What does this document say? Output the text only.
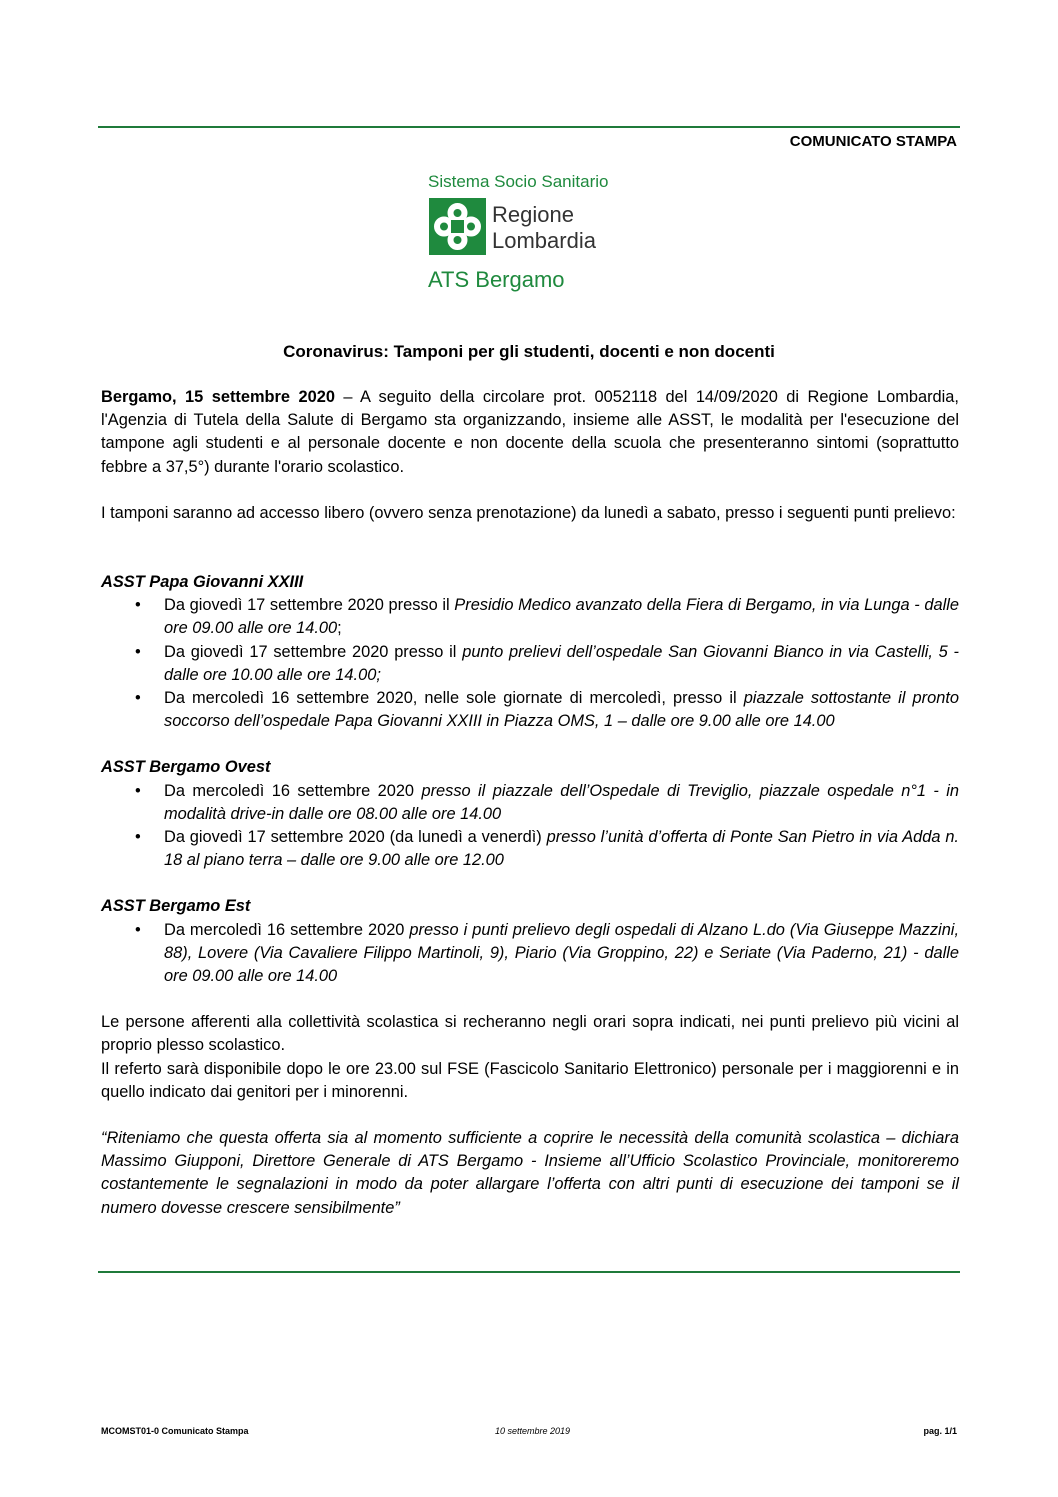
COMUNICATO STAMPA
Sistema Socio Sanitario
Regione
Lombardia
ATS Bergamo
Coronavirus: Tamponi per gli studenti, docenti e non docenti

Bergamo, 15 settembre 2020 – A seguito della circolare prot. 0052118 del 14/09/2020 di Regione Lombardia, l'Agenzia di Tutela della Salute di Bergamo sta organizzando, insieme alle ASST, le modalità per l'esecuzione del tampone agli studenti e al personale docente e non docente della scuola che presenteranno sintomi (soprattutto febbre a 37,5°) durante l'orario scolastico.

I tamponi saranno ad accesso libero (ovvero senza prenotazione) da lunedì a sabato, presso i seguenti punti prelievo:

ASST Papa Giovanni XXIII
• Da giovedì 17 settembre 2020 presso il Presidio Medico avanzato della Fiera di Bergamo, in via Lunga - dalle ore 09.00 alle ore 14.00;
• Da giovedì 17 settembre 2020 presso il punto prelievi dell’ospedale San Giovanni Bianco in via Castelli, 5 - dalle ore 10.00 alle ore 14.00;
• Da mercoledì 16 settembre 2020, nelle sole giornate di mercoledì, presso il piazzale sottostante il pronto soccorso dell’ospedale Papa Giovanni XXIII in Piazza OMS, 1 – dalle ore 9.00 alle ore 14.00
ASST Bergamo Ovest
• Da mercoledì 16 settembre 2020 presso il piazzale dell’Ospedale di Treviglio, piazzale ospedale n°1 - in modalità drive-in dalle ore 08.00 alle ore 14.00
• Da giovedì 17 settembre 2020 (da lunedì a venerdì) presso l’unità d’offerta di Ponte San Pietro in via Adda n. 18 al piano terra – dalle ore 9.00 alle ore 12.00
ASST Bergamo Est
• Da mercoledì 16 settembre 2020 presso i punti prelievo degli ospedali di Alzano L.do (Via Giuseppe Mazzini, 88), Lovere (Via Cavaliere Filippo Martinoli, 9), Piario (Via Groppino, 22) e Seriate (Via Paderno, 21) - dalle ore 09.00 alle ore 14.00

Le persone afferenti alla collettività scolastica si recheranno negli orari sopra indicati, nei punti prelievo più vicini al proprio plesso scolastico.

Il referto sarà disponibile dopo le ore 23.00 sul FSE (Fascicolo Sanitario Elettronico) personale per i maggiorenni e in quello indicato dai genitori per i minorenni.

“Riteniamo che questa offerta sia al momento sufficiente a coprire le necessità della comunità scolastica – dichiara Massimo Giupponi, Direttore Generale di ATS Bergamo - Insieme all’Ufficio Scolastico Provinciale, monitoreremo costantemente le segnalazioni in modo da poter allargare l’offerta con altri punti di esecuzione dei tamponi se il numero dovesse crescere sensibilmente”

MCOMST01-0 Comunicato Stampa	10 settembre 2019	pag. 1/1
